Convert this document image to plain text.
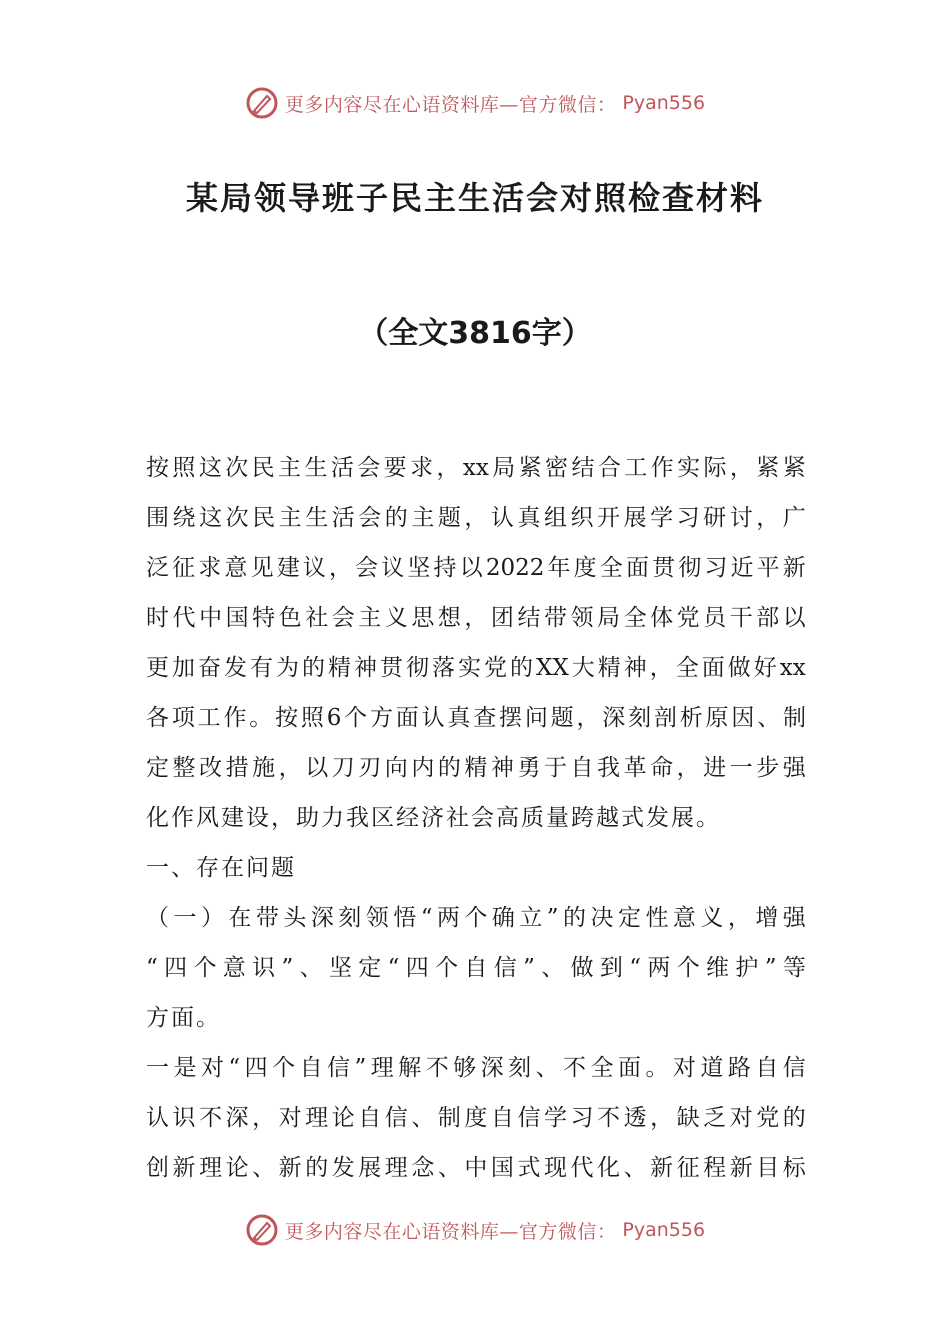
更多内容尽在心语资料库—官方微信： Pyan556
某局领导班子民主生活会对照检查材料
（全文3816字）
按 照 这 次 民 主 生 活 会 要 求 ， xx 局 紧 密 结 合 工 作 实 际 ， 紧 紧
围 绕 这 次 民 主 生 活 会 的 主 题 ， 认 真 组 织 开 展 学 习 研 讨 ， 广
泛 征 求 意 见 建 议 ， 会 议 坚 持 以 2022 年 度 全 面 贯 彻 习 近 平 新
时 代 中 国 特 色 社 会 主 义 思 想 ， 团 结 带 领 局 全 体 党 员 干 部 以
更 加 奋 发 有 为 的 精 神 贯 彻 落 实 党 的 XX 大 精 神 ， 全 面 做 好 xx
各 项 工 作 。 按 照 6 个 方 面 认 真 查 摆 问 题 ， 深 刻 剖 析 原 因 、 制
定 整 改 措 施 ， 以 刀 刃 向 内 的 精 神 勇 于 自 我 革 命 ， 进 一 步 强
化作风建设，助力我区经济社会高质量跨越式发展。
一、存在问题
（ 一 ） 在 带 头 深 刻 领 悟 “ 两 个 确 立 ” 的 决 定 性 意 义 ， 增 强
“ 四 个 意 识 ” 、 坚 定 “ 四 个 自 信 ” 、 做 到 “ 两 个 维 护 ” 等
方面。
一 是 对 “ 四 个 自 信 ” 理 解 不 够 深 刻 、 不 全 面 。 对 道 路 自 信
认 识 不 深 ， 对 理 论 自 信 、 制 度 自 信 学 习 不 透 ， 缺 乏 对 党 的
创 新 理 论 、 新 的 发 展 理 念 、 中 国 式 现 代 化 、 新 征 程 新 目 标
更多内容尽在心语资料库—官方微信： Pyan556
